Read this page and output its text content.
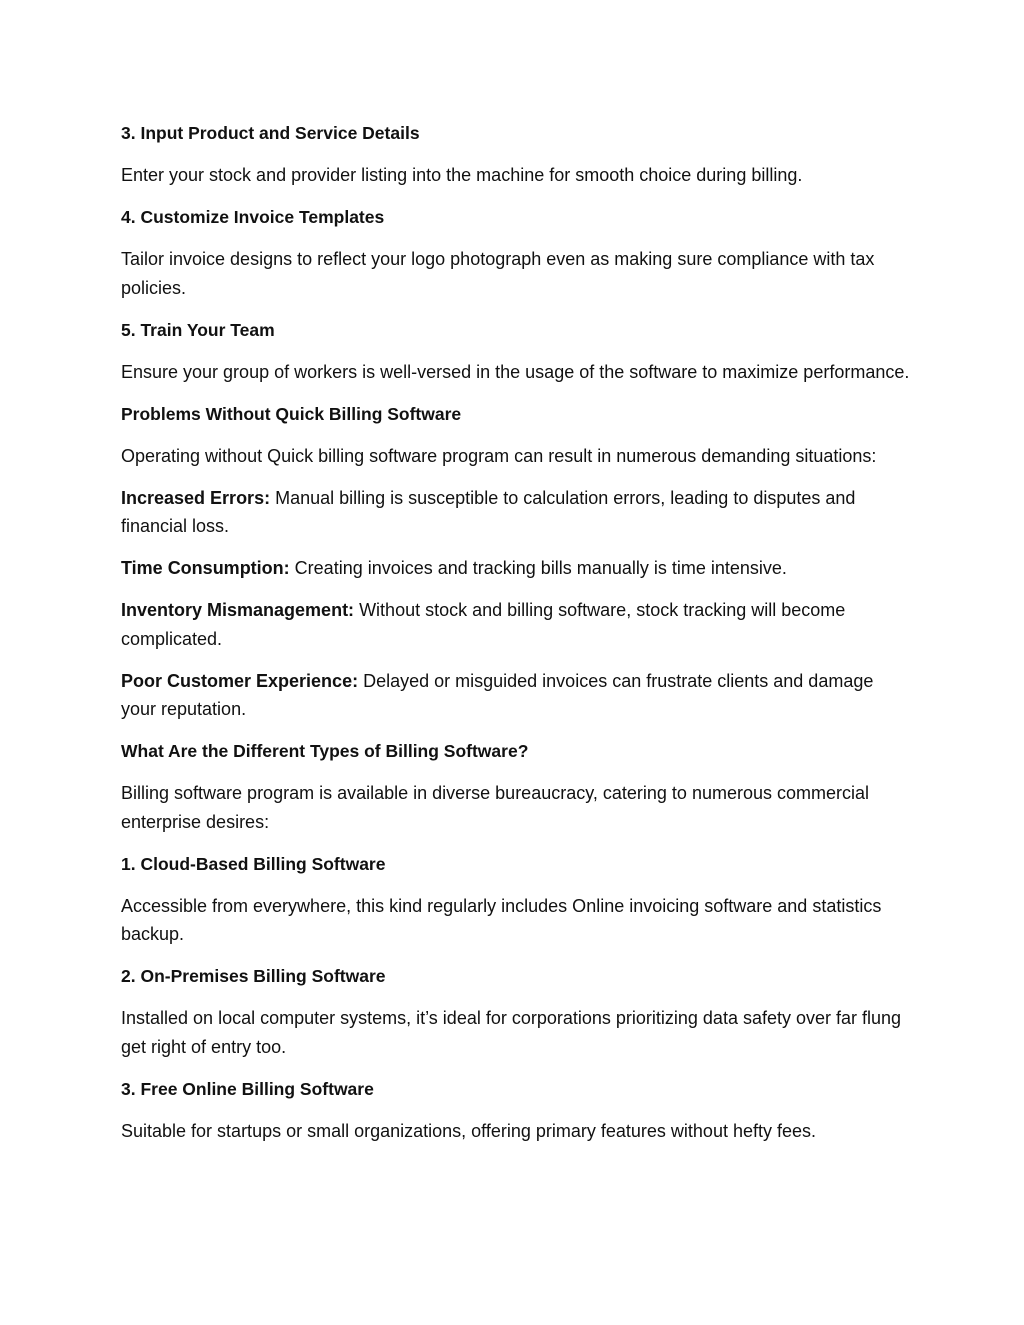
3. Input Product and Service Details
Enter your stock and provider listing into the machine for smooth choice during billing.
4. Customize Invoice Templates
Tailor invoice designs to reflect your logo photograph even as making sure compliance with tax policies.
5. Train Your Team
Ensure your group of workers is well-versed in the usage of the software to maximize performance.
Problems Without Quick Billing Software
Operating without Quick billing software program can result in numerous demanding situations:
Increased Errors: Manual billing is susceptible to calculation errors, leading to disputes and financial loss.
Time Consumption: Creating invoices and tracking bills manually is time intensive.
Inventory Mismanagement: Without stock and billing software, stock tracking will become complicated.
Poor Customer Experience: Delayed or misguided invoices can frustrate clients and damage your reputation.
What Are the Different Types of Billing Software?
Billing software program is available in diverse bureaucracy, catering to numerous commercial enterprise desires:
1. Cloud-Based Billing Software
Accessible from everywhere, this kind regularly includes Online invoicing software and statistics backup.
2. On-Premises Billing Software
Installed on local computer systems, it’s ideal for corporations prioritizing data safety over far flung get right of entry too.
3. Free Online Billing Software
Suitable for startups or small organizations, offering primary features without hefty fees.
